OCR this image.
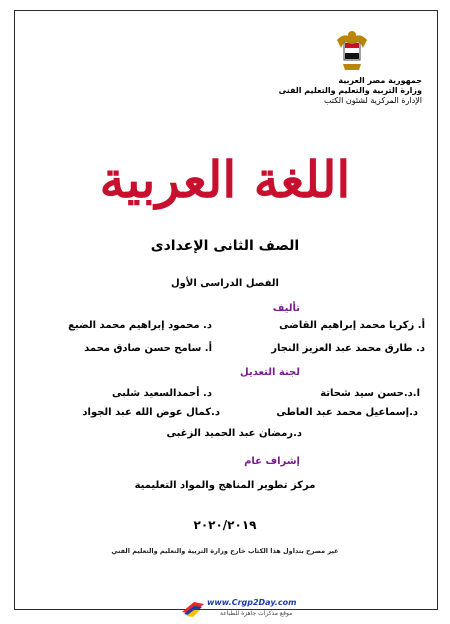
جمهورية مصر العربية
وزارة التربية والتعليم والتعليم الفنى
الإدارة المركزية لشئون الكتب
اللغة العربية
الصف الثانى الإعدادى
الفصل الدراسى الأول
تأليف
أ. زكريا محمد إبراهيم القاضى
د. محمود إبراهيم محمد الضبع
د. طارق محمد عبد العزيز النجار
أ. سامح حسن صادق محمد
لجنة التعديل
ا.د.حسن سيد شحاتة
د. أحمدالسعيد شلبى
د.إسماعيل محمد عبد العاطى
د.كمال عوض الله عبد الجواد
د.رمضان عبد الحميد الزغبى
إشراف عام
مركز تطوير المناهج والمواد التعليمية
٢٠٢٠/٢٠١٩
غير مصرح بتداول هذا الكتاب خارج وزارة التربية والتعليم والتعليم الفني
www.Crgp2Day.com
موقع مذكرات جاهزة للطباعة
